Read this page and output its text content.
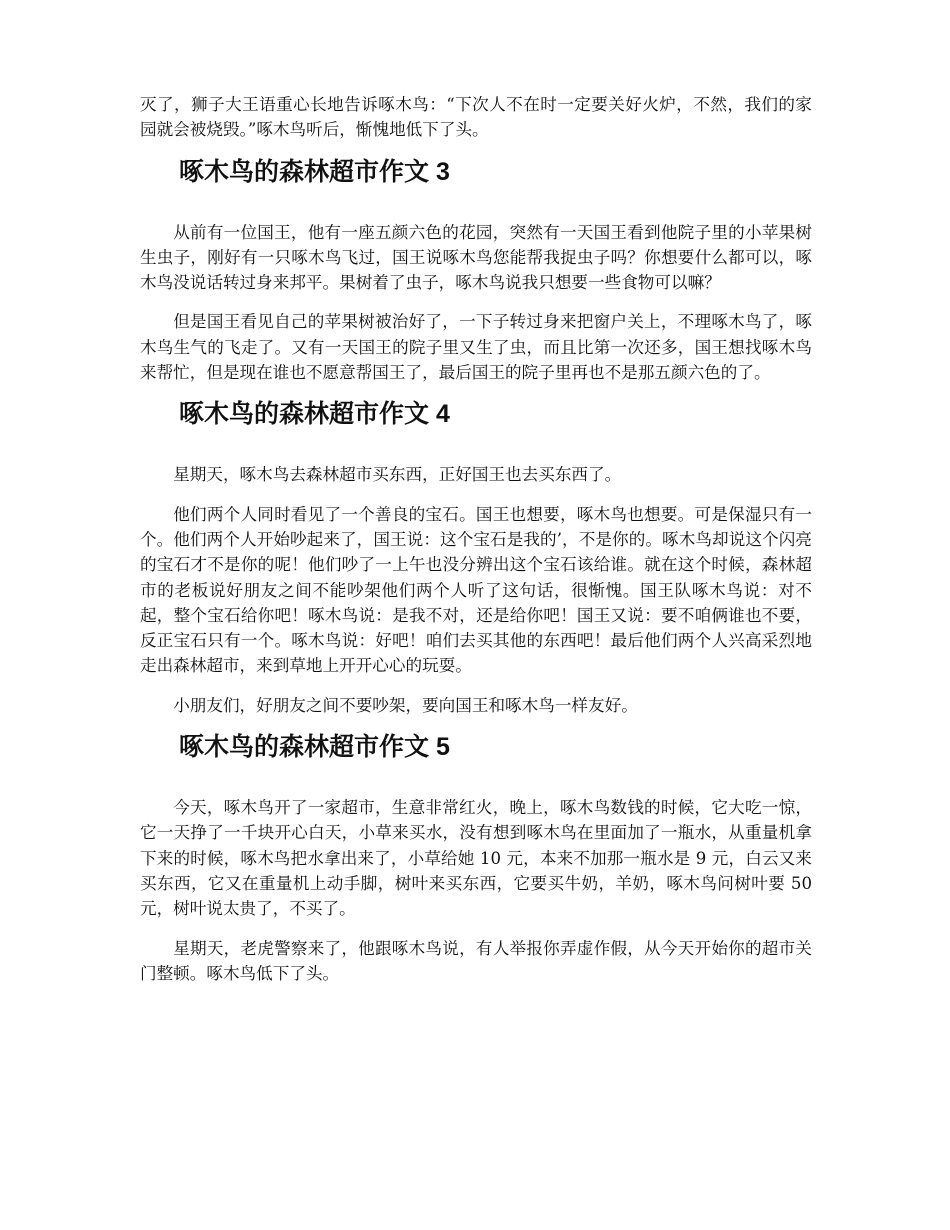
灭了，狮子大王语重心长地告诉啄木鸟：“下次人不在时一定要关好火炉，不然，我们的家园就会被烧毁。”啄木鸟听后，惭愧地低下了头。

啄木鸟的森林超市作文 3

从前有一位国王，他有一座五颜六色的花园，突然有一天国王看到他院子里的小苹果树生虫子，刚好有一只啄木鸟飞过，国王说啄木鸟您能帮我捉虫子吗？你想要什么都可以，啄木鸟没说话转过身来邦平。果树着了虫子，啄木鸟说我只想要一些食物可以嘛？

但是国王看见自己的苹果树被治好了，一下子转过身来把窗户关上，不理啄木鸟了，啄木鸟生气的飞走了。又有一天国王的院子里又生了虫，而且比第一次还多，国王想找啄木鸟来帮忙，但是现在谁也不愿意帮国王了，最后国王的院子里再也不是那五颜六色的了。

啄木鸟的森林超市作文 4

星期天，啄木鸟去森林超市买东西，正好国王也去买东西了。

他们两个人同时看见了一个善良的宝石。国王也想要，啄木鸟也想要。可是保湿只有一个。他们两个人开始吵起来了，国王说：这个宝石是我的’，不是你的。啄木鸟却说这个闪亮的宝石才不是你的呢！他们吵了一上午也没分辨出这个宝石该给谁。就在这个时候，森林超市的老板说好朋友之间不能吵架他们两个人听了这句话，很惭愧。国王队啄木鸟说：对不起，整个宝石给你吧！啄木鸟说：是我不对，还是给你吧！国王又说：要不咱俩谁也不要，反正宝石只有一个。啄木鸟说：好吧！咱们去买其他的东西吧！最后他们两个人兴高采烈地走出森林超市，来到草地上开开心心的玩耍。

小朋友们，好朋友之间不要吵架，要向国王和啄木鸟一样友好。

啄木鸟的森林超市作文 5

今天，啄木鸟开了一家超市，生意非常红火，晚上，啄木鸟数钱的时候，它大吃一惊，它一天挣了一千块开心白天，小草来买水，没有想到啄木鸟在里面加了一瓶水，从重量机拿下来的时候，啄木鸟把水拿出来了，小草给她 10 元，本来不加那一瓶水是 9 元，白云又来买东西，它又在重量机上动手脚，树叶来买东西，它要买牛奶，羊奶，啄木鸟问树叶要 50 元，树叶说太贵了，不买了。

星期天，老虎警察来了，他跟啄木鸟说，有人举报你弄虚作假，从今天开始你的超市关门整顿。啄木鸟低下了头。
